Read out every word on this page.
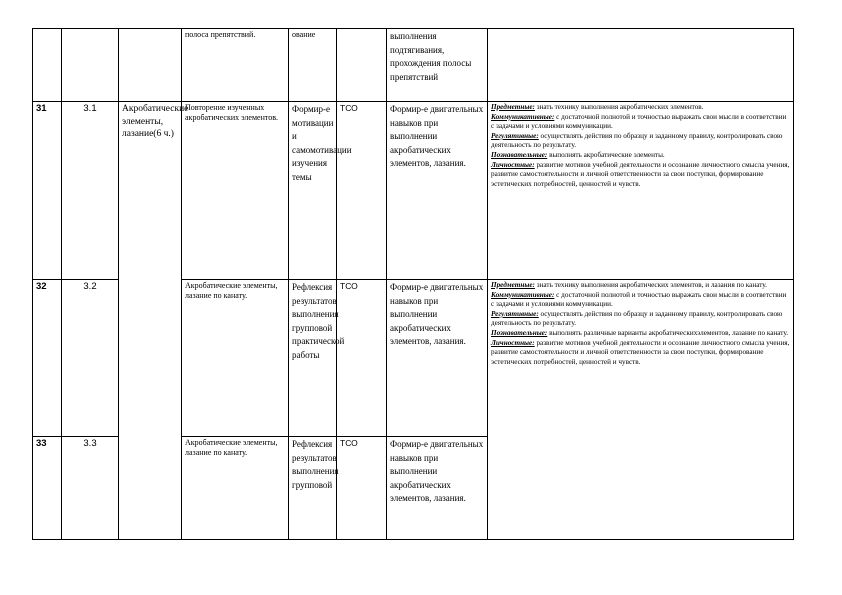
			полоса препятствий.	ование		выполнения подтягивания, прохождения полосы препятствий	
31	3.1	Акробатические элементы, лазание(6 ч.)	Повторение изученных акробатических элементов.	Формир-е мотивации и самомотивации изучения темы	ТСО	Формир-е двигательных навыков при выполнении акробатических элементов, лазания.	Предметные: знать технику выполнения акробатических элементов.
Коммуникативные: с достаточной полнотой и точностью выражать свои мысли в соответствии с задачами и условиями коммуникации.
Регулятивные: осуществлять действия по образцу и заданному правилу, контролировать свою деятельность по результату.
Познавательные: выполнять акробатические элементы.
Личностные: развитие мотивов учебной деятельности и осознание личностного смысла учения, развитие самостоятельности и личной ответственности за свои поступки, формирование эстетических потребностей, ценностей и чувств.

32	3.2		Акробатические элементы, лазание по канату.	Рефлексия результатов выполнения групповой практической работы	ТСО	Формир-е двигательных навыков при выполнении акробатических элементов, лазания.	Предметные: знать технику выполнения акробатических элементов, и лазания по канату.
Коммуникативные: с достаточной полнотой и точностью выражать свои мысли в соответствии с задачами и условиями коммуникации.
Регулятивные: осуществлять действия по образцу и заданному правилу, контролировать свою деятельность по результату.
Познавательные: выполнять различные варианты акробатическихэлементов, лазание по канату.
Личностные: развитие мотивов учебной деятельности и осознание личностного смысла учения, развитие самостоятельности и личной ответственности за свои поступки, формирование эстетических потребностей, ценностей и чувств.

33	3.3		Акробатические элементы, лазание по канату.	Рефлексия результатов выполнения групповой	ТСО	Формир-е двигательных навыков при выполнении акробатических элементов, лазания.	
